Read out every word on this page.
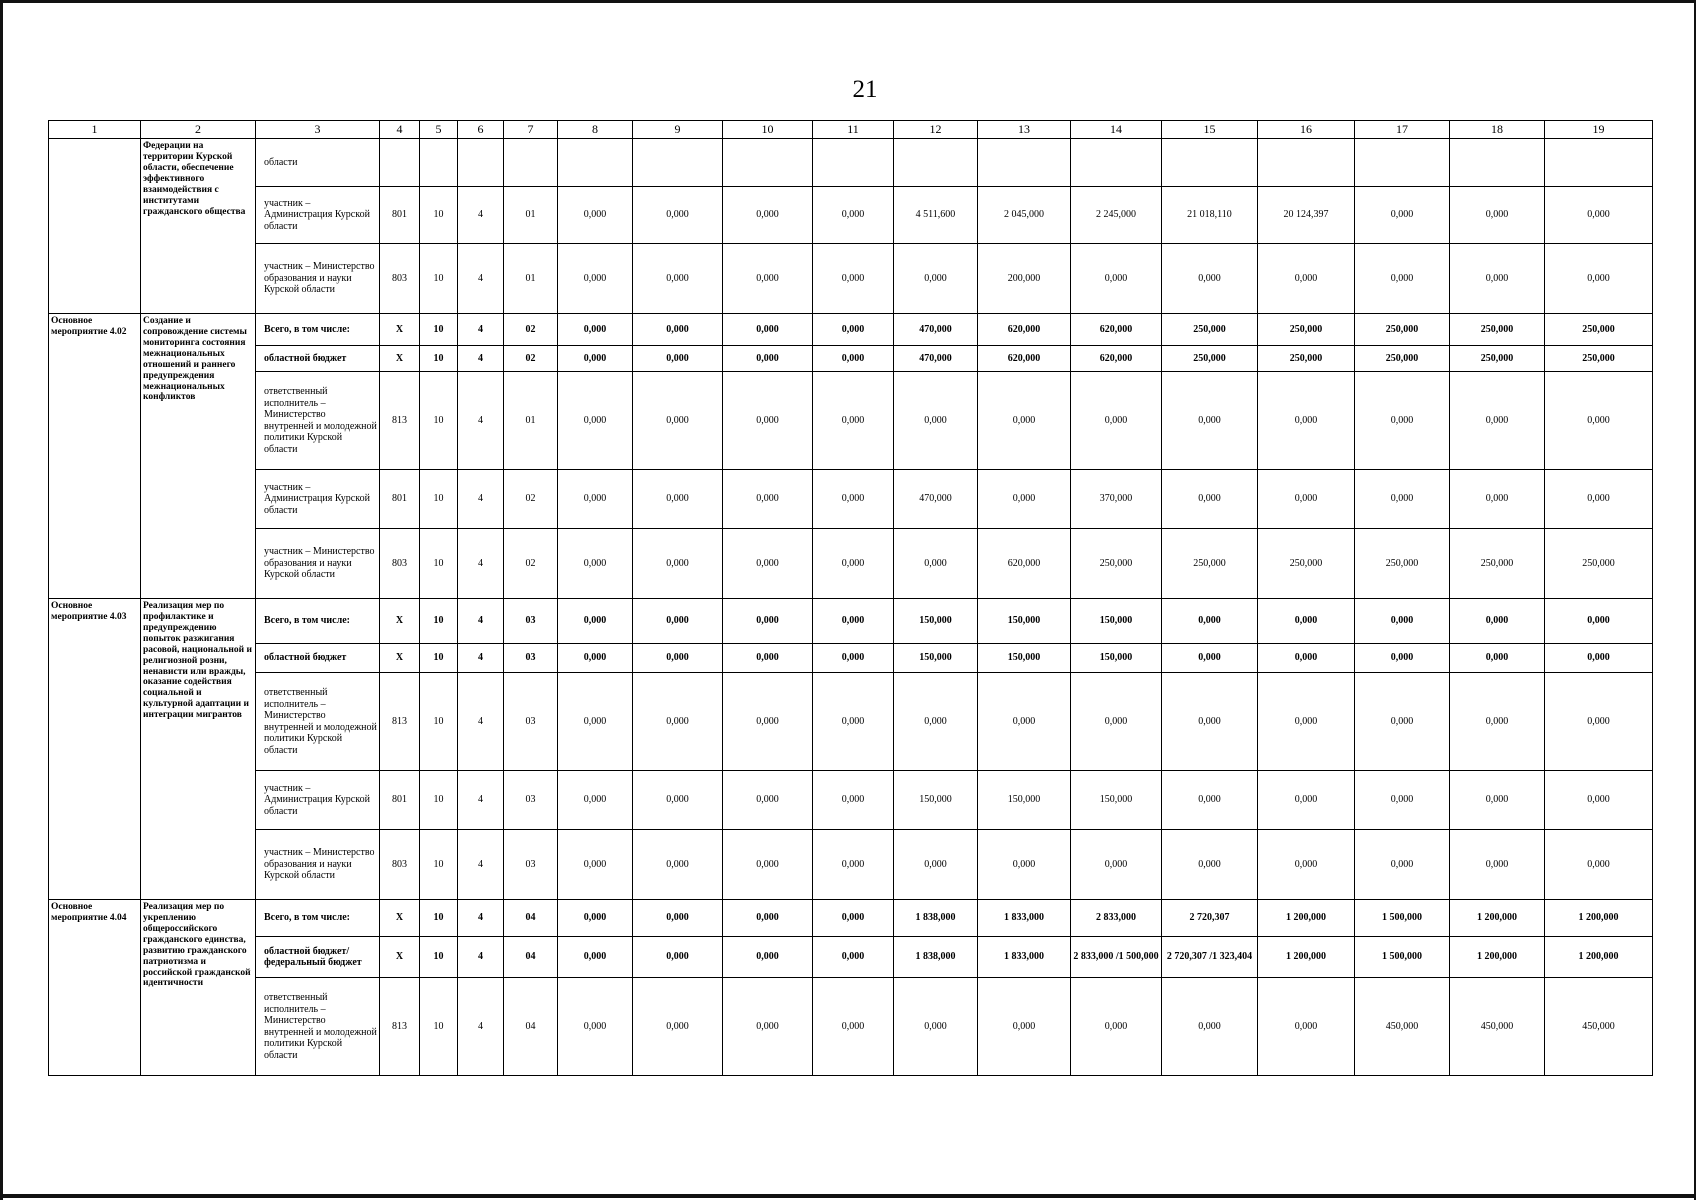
21
1	2	3	4	5	6	7	8	9	10	11	12	13	14	15	16	17	18	19
	Федерации на территории Курской области, обеспечение эффективного взаимодействия с институтами гражданского общества	области																
		участник – Администрация Курской области	801	10	4	01	0,000	0,000	0,000	0,000	4 511,600	2 045,000	2 245,000	21 018,110	20 124,397	0,000	0,000	0,000
		участник – Министерство образования и науки Курской области	803	10	4	01	0,000	0,000	0,000	0,000	0,000	200,000	0,000	0,000	0,000	0,000	0,000	0,000
Основное мероприятие 4.02	Создание и сопровождение системы мониторинга состояния межнациональных отношений и раннего предупреждения межнациональных конфликтов	Всего, в том числе:	X	10	4	02	0,000	0,000	0,000	0,000	470,000	620,000	620,000	250,000	250,000	250,000	250,000	250,000
		областной бюджет	X	10	4	02	0,000	0,000	0,000	0,000	470,000	620,000	620,000	250,000	250,000	250,000	250,000	250,000
		ответственный исполнитель – Министерство внутренней и молодежной политики Курской области	813	10	4	01	0,000	0,000	0,000	0,000	0,000	0,000	0,000	0,000	0,000	0,000	0,000	0,000
		участник – Администрация Курской области	801	10	4	02	0,000	0,000	0,000	0,000	470,000	0,000	370,000	0,000	0,000	0,000	0,000	0,000
		участник – Министерство образования и науки Курской области	803	10	4	02	0,000	0,000	0,000	0,000	0,000	620,000	250,000	250,000	250,000	250,000	250,000	250,000
Основное мероприятие 4.03	Реализация мер по профилактике и предупреждению попыток разжигания расовой, национальной и религиозной розни, ненависти или вражды, оказание содействия социальной и культурной адаптации и интеграции мигрантов	Всего, в том числе:	X	10	4	03	0,000	0,000	0,000	0,000	150,000	150,000	150,000	0,000	0,000	0,000	0,000	0,000
		областной бюджет	X	10	4	03	0,000	0,000	0,000	0,000	150,000	150,000	150,000	0,000	0,000	0,000	0,000	0,000
		ответственный исполнитель – Министерство внутренней и молодежной политики Курской области	813	10	4	03	0,000	0,000	0,000	0,000	0,000	0,000	0,000	0,000	0,000	0,000	0,000	0,000
		участник – Администрация Курской области	801	10	4	03	0,000	0,000	0,000	0,000	150,000	150,000	150,000	0,000	0,000	0,000	0,000	0,000
		участник – Министерство образования и науки Курской области	803	10	4	03	0,000	0,000	0,000	0,000	0,000	0,000	0,000	0,000	0,000	0,000	0,000	0,000
Основное мероприятие 4.04	Реализация мер по укреплению общероссийского гражданского единства, развитию гражданского патриотизма и российской гражданской идентичности	Всего, в том числе:	X	10	4	04	0,000	0,000	0,000	0,000	1 838,000	1 833,000	2 833,000	2 720,307	1 200,000	1 500,000	1 200,000	1 200,000
		областной бюджет/ федеральный бюджет	X	10	4	04	0,000	0,000	0,000	0,000	1 838,000	1 833,000	2 833,000 /1 500,000	2 720,307 /1 323,404	1 200,000	1 500,000	1 200,000	1 200,000
		ответственный исполнитель – Министерство внутренней и молодежной политики Курской области	813	10	4	04	0,000	0,000	0,000	0,000	0,000	0,000	0,000	0,000	0,000	450,000	450,000	450,000
